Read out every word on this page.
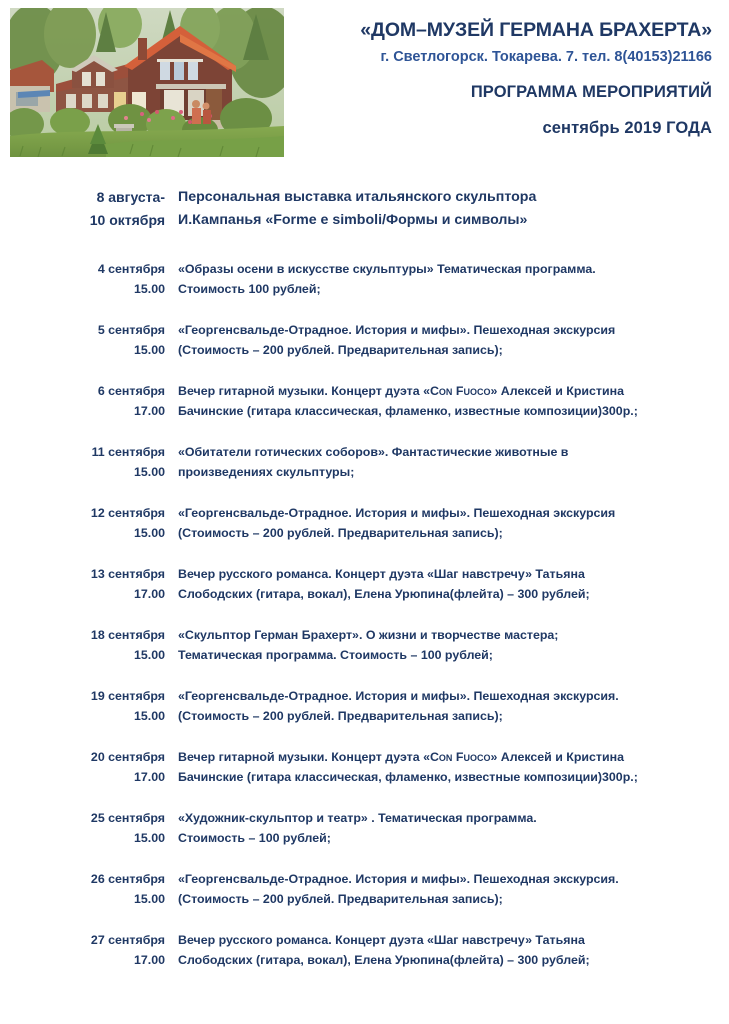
«ДОМ–МУЗЕЙ ГЕРМАНА БРАХЕРТА»
г. Светлогорск. Токарева. 7. тел. 8(40153)21166
ПРОГРАММА МЕРОПРИЯТИЙ
сентябрь 2019 ГОДА
8 августа-
10 октября

Персональная выставка итальянского скульптора

И.Кампанья «Forme e simboli/Формы и символы»

4 сентября
15.00

«Образы осени в искусстве скульптуры» Тематическая программа.

Стоимость 100 рублей;

5 сентября
15.00

«Георгенсвальде-Отрадное. История и мифы». Пешеходная экскурсия

(Стоимость – 200 рублей. Предварительная запись);

6 сентября
17.00

Вечер гитарной музыки. Концерт дуэта «Con Fuoco» Алексей и Кристина

Бачинские (гитара классическая, фламенко, известные композиции)300р.;

11 сентября
15.00

«Обитатели готических соборов». Фантастические животные в

произведениях скульптуры;

12 сентября
15.00

«Георгенсвальде-Отрадное. История и мифы». Пешеходная экскурсия

(Стоимость – 200 рублей. Предварительная запись);

13 сентября
17.00

Вечер русского романса. Концерт дуэта «Шаг навстречу» Татьяна

Слободских (гитара, вокал), Елена Урюпина(флейта) – 300 рублей;

18 сентября
15.00

«Скульптор Герман Брахерт». О жизни и творчестве мастера;

Тематическая программа. Стоимость – 100 рублей;

19 сентября
15.00

«Георгенсвальде-Отрадное. История и мифы». Пешеходная экскурсия.

(Стоимость – 200 рублей. Предварительная запись);

20 сентября
17.00

Вечер гитарной музыки. Концерт дуэта «Con Fuoco» Алексей и Кристина

Бачинские (гитара классическая, фламенко, известные композиции)300р.;

25 сентября
15.00

«Художник-скульптор и театр» . Тематическая программа.

Стоимость – 100 рублей;

26 сентября
15.00

«Георгенсвальде-Отрадное. История и мифы». Пешеходная экскурсия.

(Стоимость – 200 рублей. Предварительная запись);

27 сентября
17.00

Вечер русского романса. Концерт дуэта «Шаг навстречу» Татьяна

Слободских (гитара, вокал), Елена Урюпина(флейта) – 300 рублей;
